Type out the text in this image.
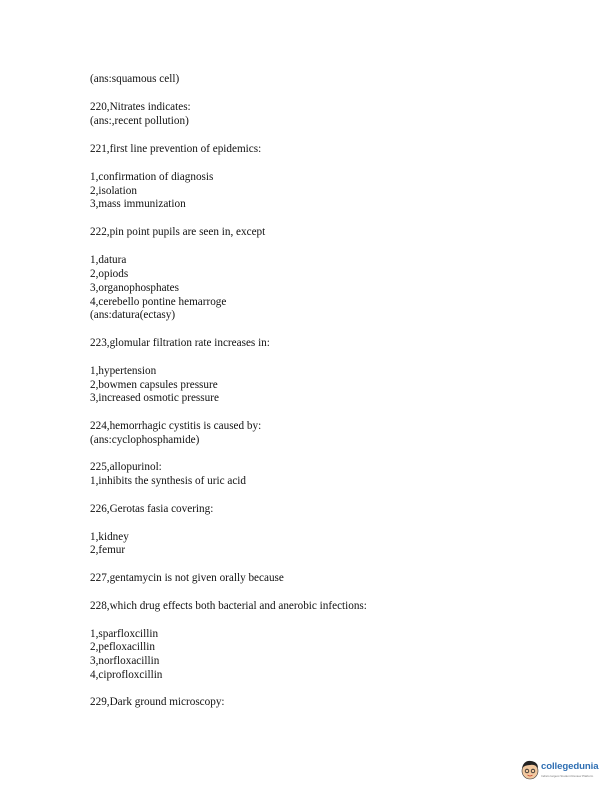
(ans:squamous cell)

220,Nitrates indicates:

(ans:,recent pollution)

221,first line prevention of epidemics:

1,confirmation of diagnosis

2,isolation

3,mass immunization

222,pin point pupils are seen in, except

1,datura

2,opiods

3,organophosphates

4,cerebello pontine hemarroge

(ans:datura(ectasy)

223,glomular filtration rate increases in:

1,hypertension

2,bowmen capsules pressure

3,increased osmotic pressure

224,hemorrhagic cystitis is caused by:

(ans:cyclophosphamide)

225,allopurinol:

1,inhibits the synthesis of uric acid

226,Gerotas fasia covering:

1,kidney

2,femur

227,gentamycin is not given orally because

228,which drug effects both bacterial and anerobic infections:

1,sparfloxcillin

2,pefloxacillin

3,norfloxacillin

4,ciprofloxcillin

229,Dark ground microscopy:

collegedunia
India's largest Student Review Platform
